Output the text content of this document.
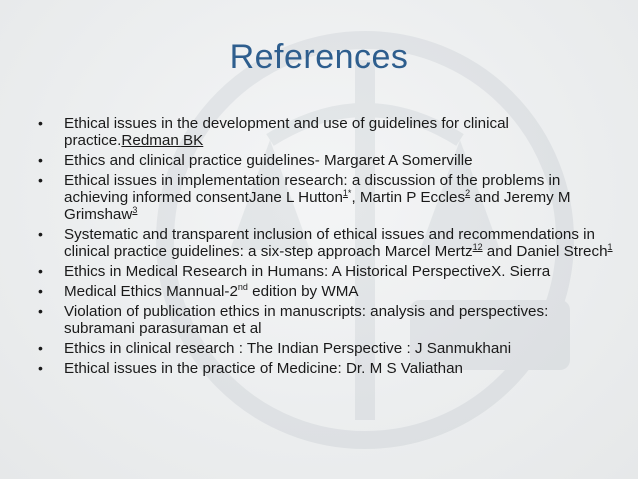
References
• Ethical issues in the development and use of guidelines for clinical practice.Redman BK
• Ethics and clinical practice guidelines- Margaret A Somerville
• Ethical issues in implementation research: a discussion of the problems in achieving informed consentJane L Hutton$^{1*}$, Martin P Eccles$^2$ and Jeremy M Grimshaw$^3$
• Systematic and transparent inclusion of ethical issues and recommendations in clinical practice guidelines: a six-step approach Marcel Mertz$^{12}$ and Daniel Strech$^1$
• Ethics in Medical Research in Humans: A Historical PerspectiveX. Sierra
• Medical Ethics Mannual-2nd edition by WMA
• Violation of publication ethics in manuscripts: analysis and perspectives: subramani parasuraman et al
• Ethics in clinical research : The Indian Perspective : J Sanmukhani
• Ethical issues in the practice of Medicine: Dr. M S Valiathan
